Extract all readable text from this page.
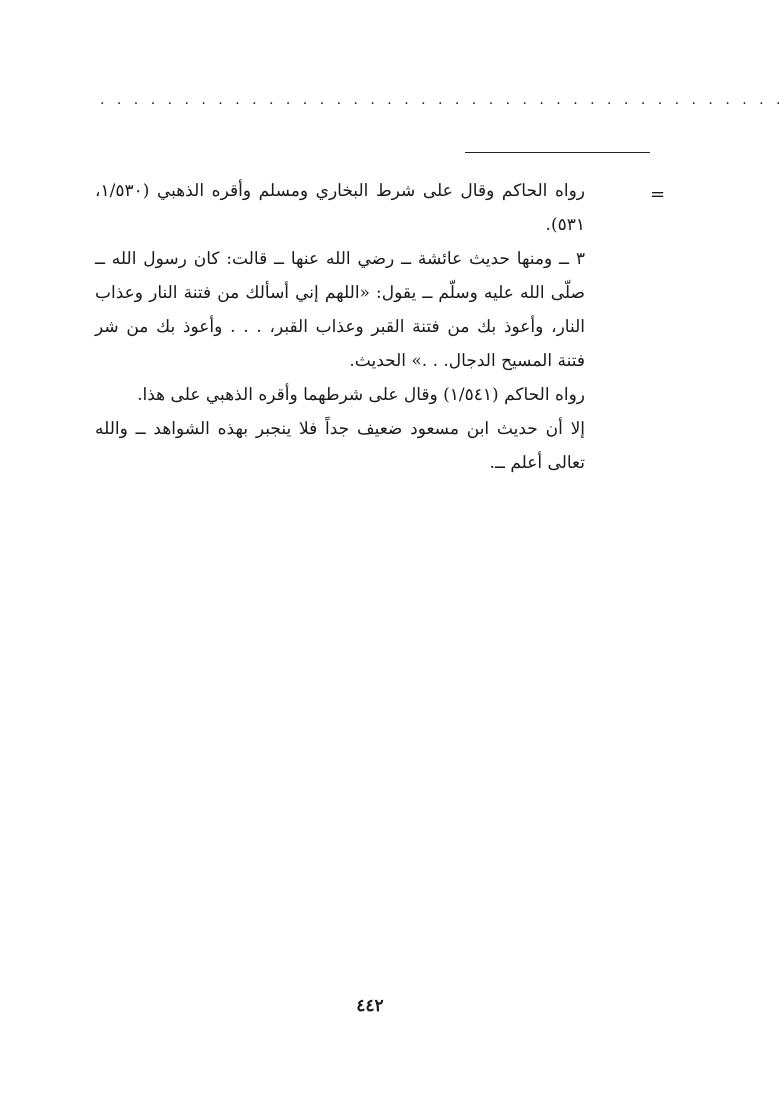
. . . . . . . . . . . . . . . . . . . . . . . . . . . . . . . . . . . . . . . . .
=

رواه الحاكم وقال على شرط البخاري ومسلم وأقره الذهبي (١/٥٣٠، ٥٣١).

٣ ــ ومنها حديث عائشة ــ رضي الله عنها ــ قالت: كان رسول الله ــ صلّى الله عليه وسلّم ــ يقول: «اللهم إني أسألك من فتنة النار وعذاب النار، وأعوذ بك من فتنة القبر وعذاب القبر، . . . وأعوذ بك من شر فتنة المسيح الدجال. . .» الحديث.

رواه الحاكم (١/٥٤١) وقال على شرطهما وأقره الذهبي على هذا.

إلا أن حديث ابن مسعود ضعيف جداً فلا ينجبر بهذه الشواهد ــ والله تعالى أعلم ــ.

٤٤٢
